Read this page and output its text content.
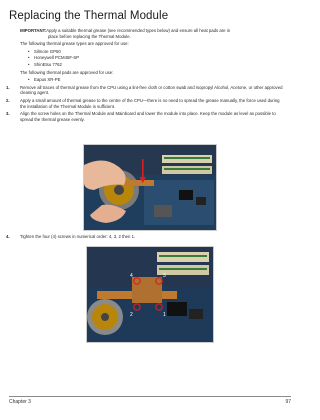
Replacing the Thermal Module
IMPORTANT:Apply a suitable thermal grease (see recommended types below) and ensure all heat pads are in
place before replacing the Thermal Module.
The following thermal grease types are approved for use:
• Silmore GP50
• Honeywell PCM45F-SP
• ShinEtsu 7762
The following thermal pads are approved for use:
• Eapus XR-PE
1. Remove all traces of thermal grease from the CPU using a lint-free cloth or cotton swab and Isopropyl Alcohol, Acetone, or other approved cleaning agent.
2. Apply a small amount of thermal grease to the centre of the CPU—there is no need to spread the grease manually, the force used during the installation of the Thermal Module is sufficient.
3. Align the screw holes on the Thermal Module and Mainboard and lower the module into place. Keep the module as level as possible to spread the thermal grease evenly.
4. Tighten the four (4) screws in numerical order: 4, 3, 2 then 1.
4	3
2	1
Chapter 3	97
